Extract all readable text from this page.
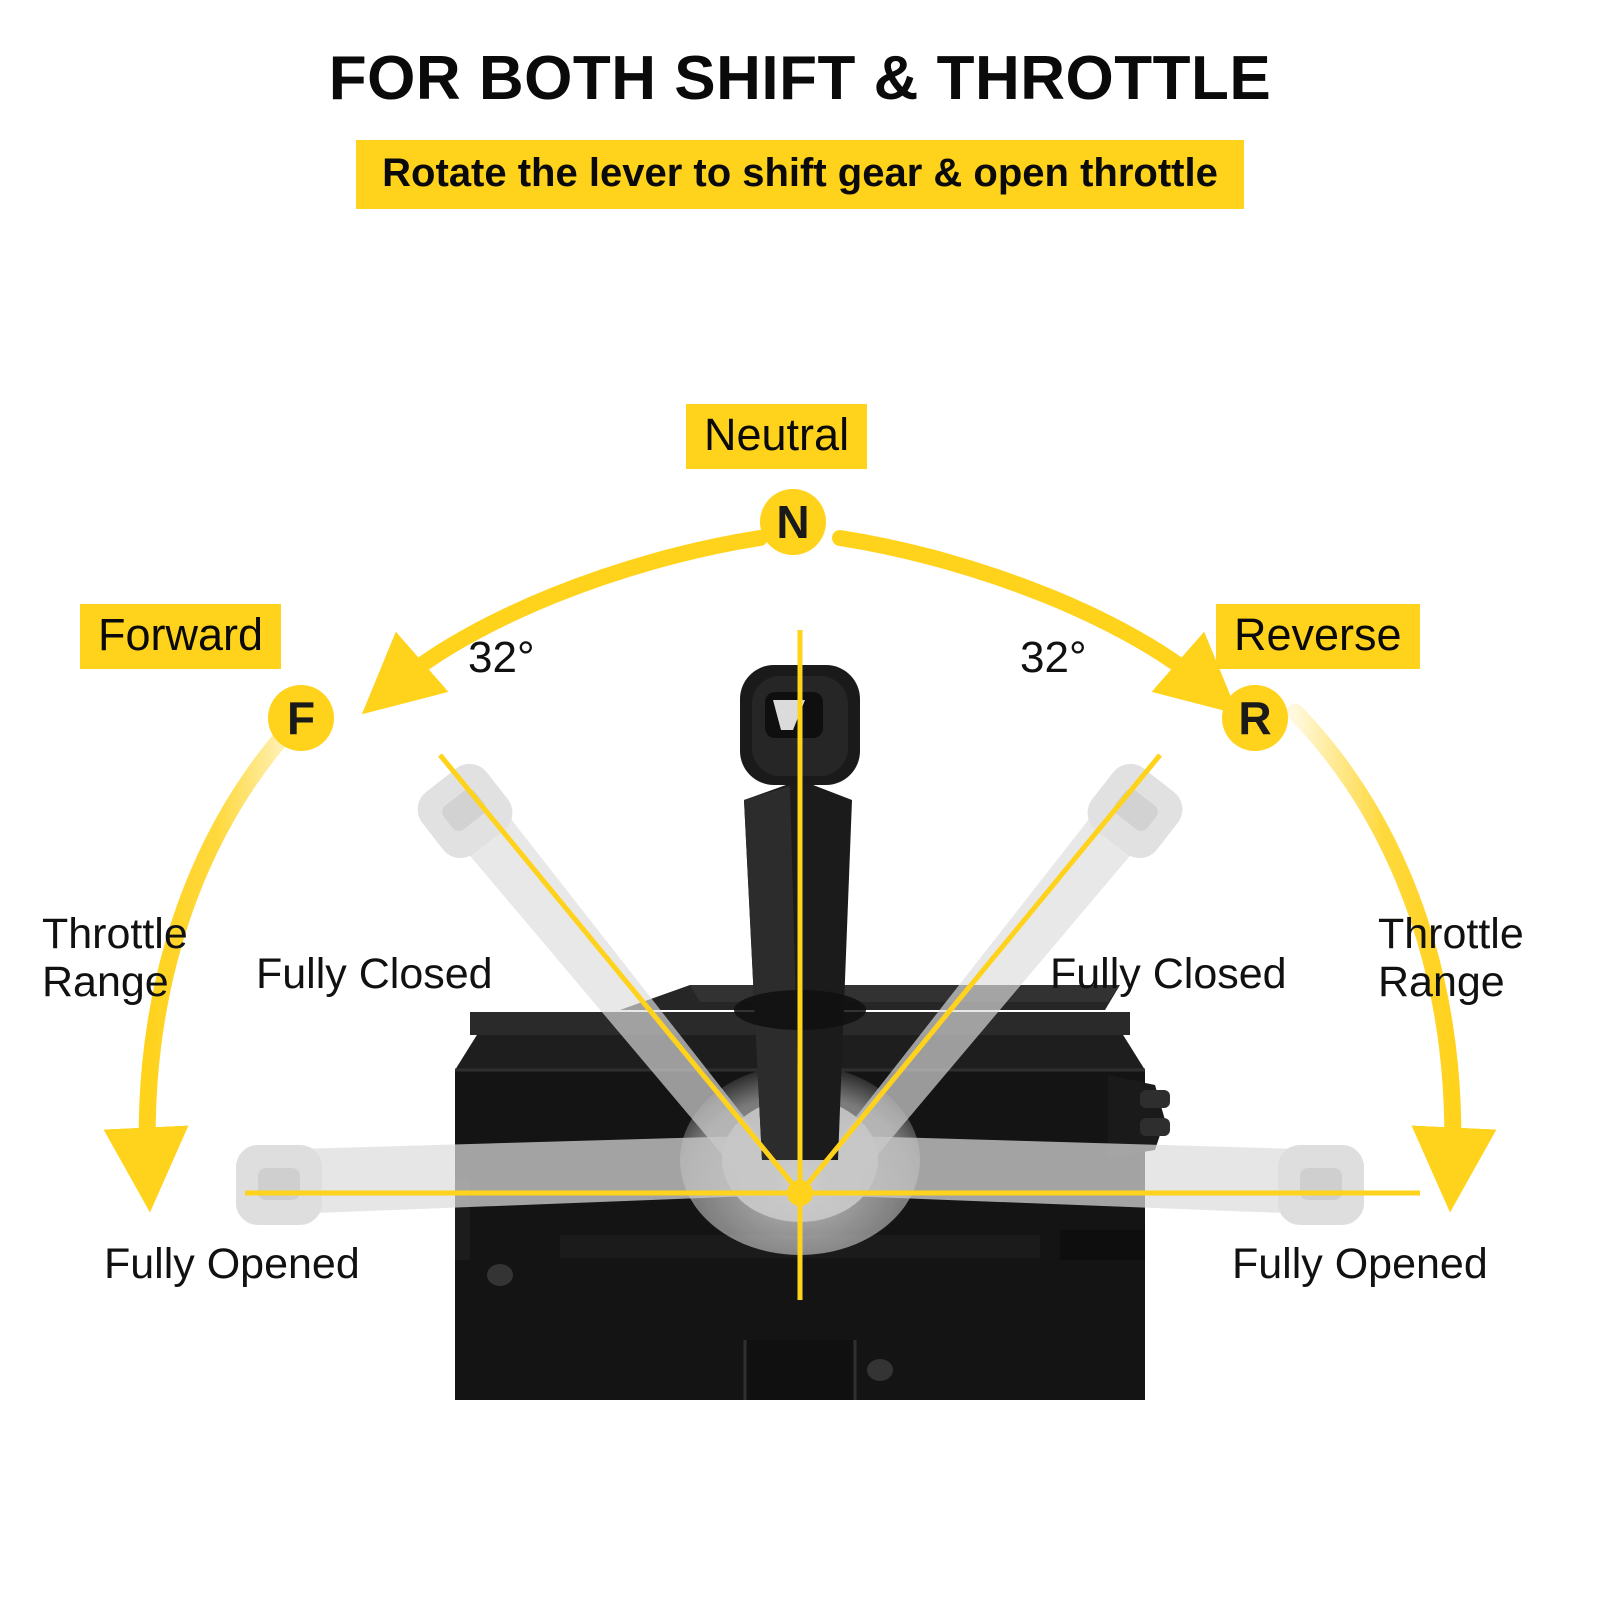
FOR BOTH SHIFT & THROTTLE
Rotate the lever to shift gear & open throttle
Neutral
N
Forward
F
Reverse
R
32°	32°
Throttle
Range
Throttle
Range
Fully Closed	Fully Closed
Fully Opened	Fully Opened
